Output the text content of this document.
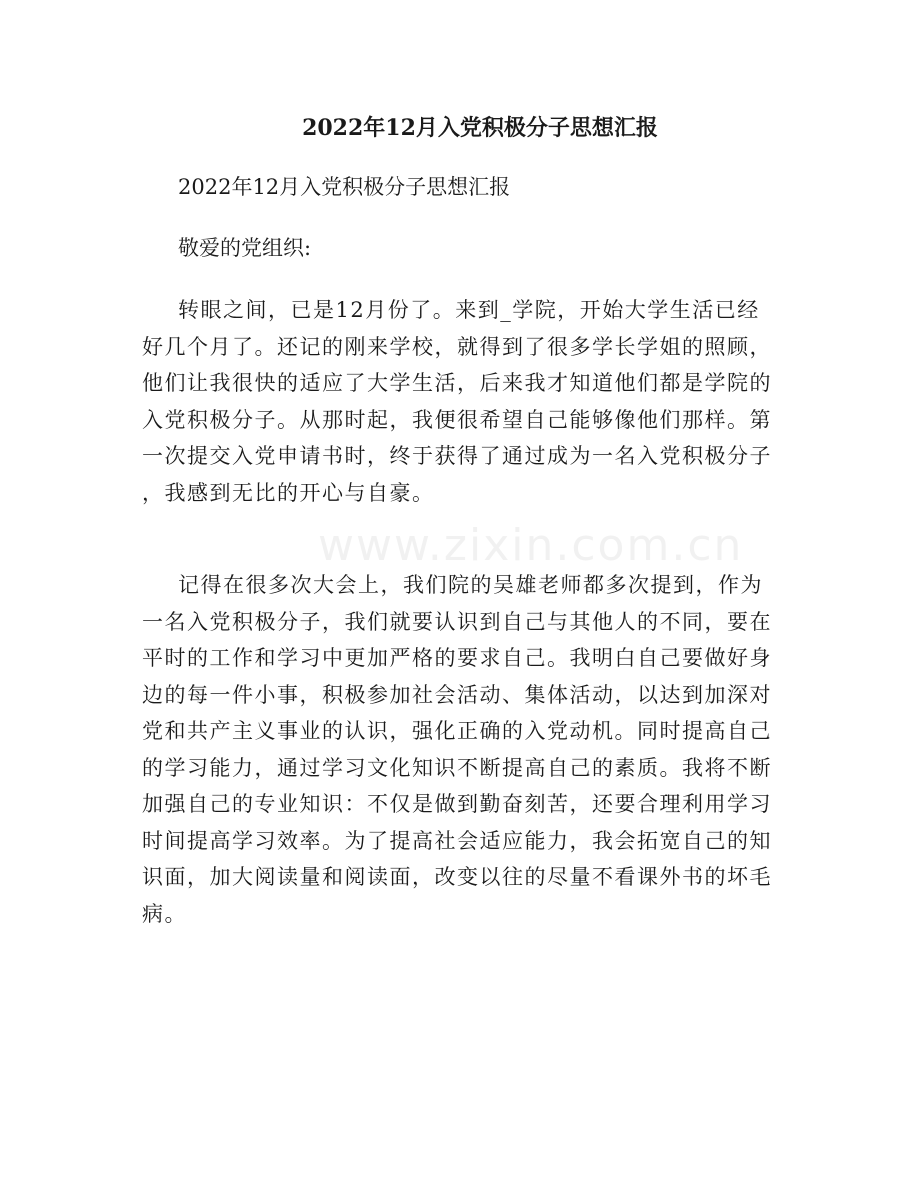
2022年12月入党积极分子思想汇报

2022年12月入党积极分子思想汇报

敬爱的党组织:

转眼之间，已是12月份了。来到_学院，开始大学生活已经

好几个月了。还记的刚来学校，就得到了很多学长学姐的照顾，

他们让我很快的适应了大学生活，后来我才知道他们都是学院的

入党积极分子。从那时起，我便很希望自己能够像他们那样。第

一次提交入党申请书时，终于获得了通过成为一名入党积极分子

，我感到无比的开心与自豪。

记得在很多次大会上，我们院的吴雄老师都多次提到，作为

一名入党积极分子，我们就要认识到自己与其他人的不同，要在

平时的工作和学习中更加严格的要求自己。我明白自己要做好身

边的每一件小事，积极参加社会活动、集体活动，以达到加深对

党和共产主义事业的认识，强化正确的入党动机。同时提高自己

的学习能力，通过学习文化知识不断提高自己的素质。我将不断

加强自己的专业知识：不仅是做到勤奋刻苦，还要合理利用学习

时间提高学习效率。为了提高社会适应能力，我会拓宽自己的知

识面，加大阅读量和阅读面，改变以往的尽量不看课外书的坏毛

病。

www.zixin.com.cn
